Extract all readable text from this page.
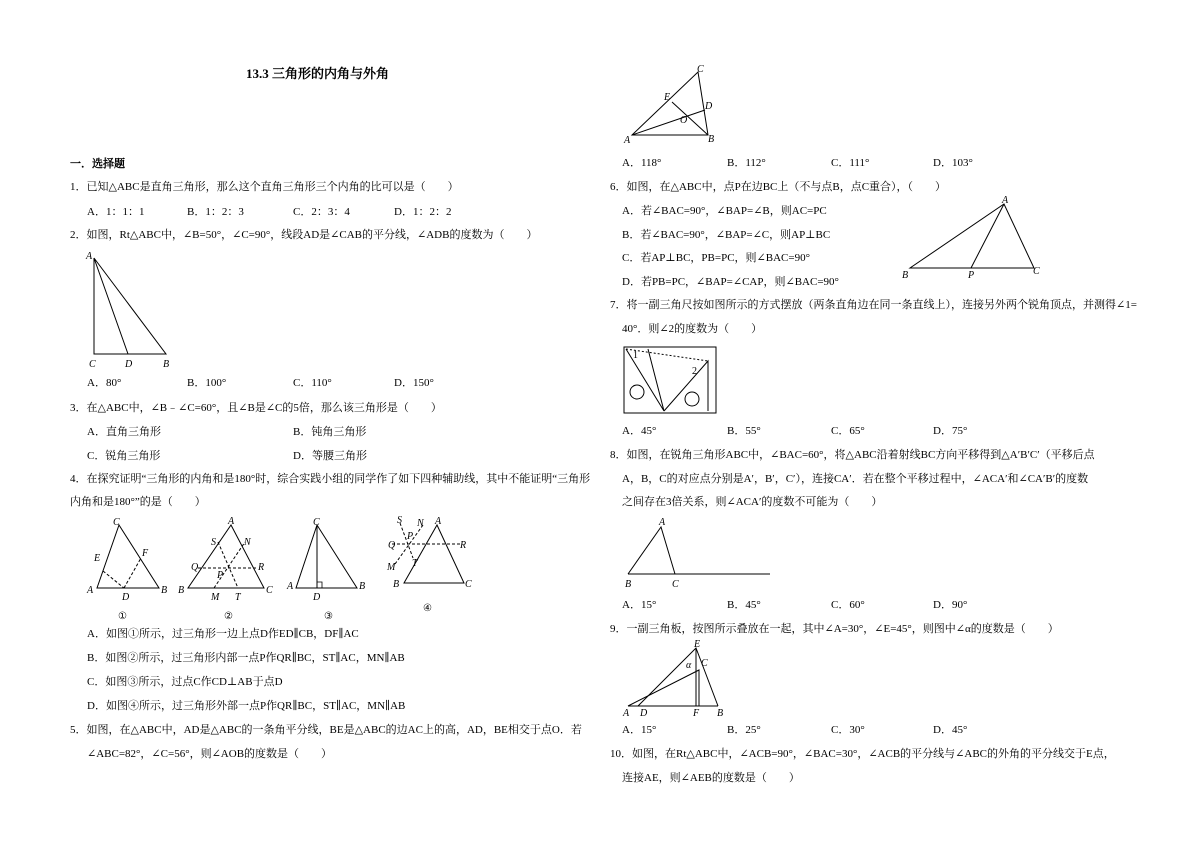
13.3 三角形的内角与外角
一．选择题
1．已知△ABC是直角三角形，那么这个直角三角形三个内角的比可以是（　　）
A．1：1：1	B．1：2：3	C．2：3：4	D．1：2：2
2．如图，Rt△ABC中，∠B=50°，∠C=90°，线段AD是∠CAB的平分线，∠ADB的度数为（　　）
A
C	D	B
A．80°	B．100°	C．110°	D．150°
3．在△ABC中，∠B﹣∠C=60°，且∠B是∠C的5倍，那么该三角形是（　　）
A．直角三角形	B．钝角三角形
C．锐角三角形	D．等腰三角形
4．在探究证明“三角形的内角和是180°时，综合实践小组的同学作了如下四种辅助线，其中不能证明“三角形
内角和是180°”的是（　　）
C
E	F
A
D
B
①
A
S	N
Q	R
P
B
M T
C
②
C
A
D
B
③
S N A
P
Q	R
M T
B	C
④
A．如图①所示，过三角形一边上点D作ED∥CB，DF∥AC
B．如图②所示，过三角形内部一点P作QR∥BC，ST∥AC，MN∥AB
C．如图③所示，过点C作CD⊥AB于点D
D．如图④所示，过三角形外部一点P作QR∥BC，ST∥AC，MN∥AB
5．如图，在△ABC中，AD是△ABC的一条角平分线，BE是△ABC的边AC上的高，AD，BE相交于点O．若
∠ABC=82°，∠C=56°，则∠AOB的度数是（　　）
C
E
D
O
A	B
A．118°	B．112°	C．111°	D．103°
6．如图，在△ABC中，点P在边BC上（不与点B，点C重合），（　　）
A．若∠BAC=90°，∠BAP=∠B，则AC=PC
B．若∠BAC=90°，∠BAP=∠C，则AP⊥BC
C．若AP⊥BC，PB=PC，则∠BAC=90°
D．若PB=PC，∠BAP=∠CAP，则∠BAC=90°
A
B	P	C
7．将一副三角尺按如图所示的方式摆放（两条直角边在同一条直线上），连接另外两个锐角顶点，并测得∠1=
40°．则∠2的度数为（　　）
1
2
A．45°	B．55°	C．65°	D．75°
8．如图，在锐角三角形ABC中，∠BAC=60°，将△ABC沿着射线BC方向平移得到△A′B′C′（平移后点
A，B，C的对应点分别是A′，B′，C′），连接CA′．若在整个平移过程中，∠ACA′和∠CA′B′的度数
之间存在3倍关系，则∠ACA′的度数不可能为（　　）
A
B	C
A．15°	B．45°	C．60°	D．90°
9．一副三角板，按图所示叠放在一起，其中∠A=30°，∠E=45°，则图中∠α的度数是（　　）
E
α C
A D	F B
A．15°	B．25°	C．30°	D．45°
10．如图，在Rt△ABC中，∠ACB=90°，∠BAC=30°，∠ACB的平分线与∠ABC的外角的平分线交于E点，
连接AE，则∠AEB的度数是（　　）
